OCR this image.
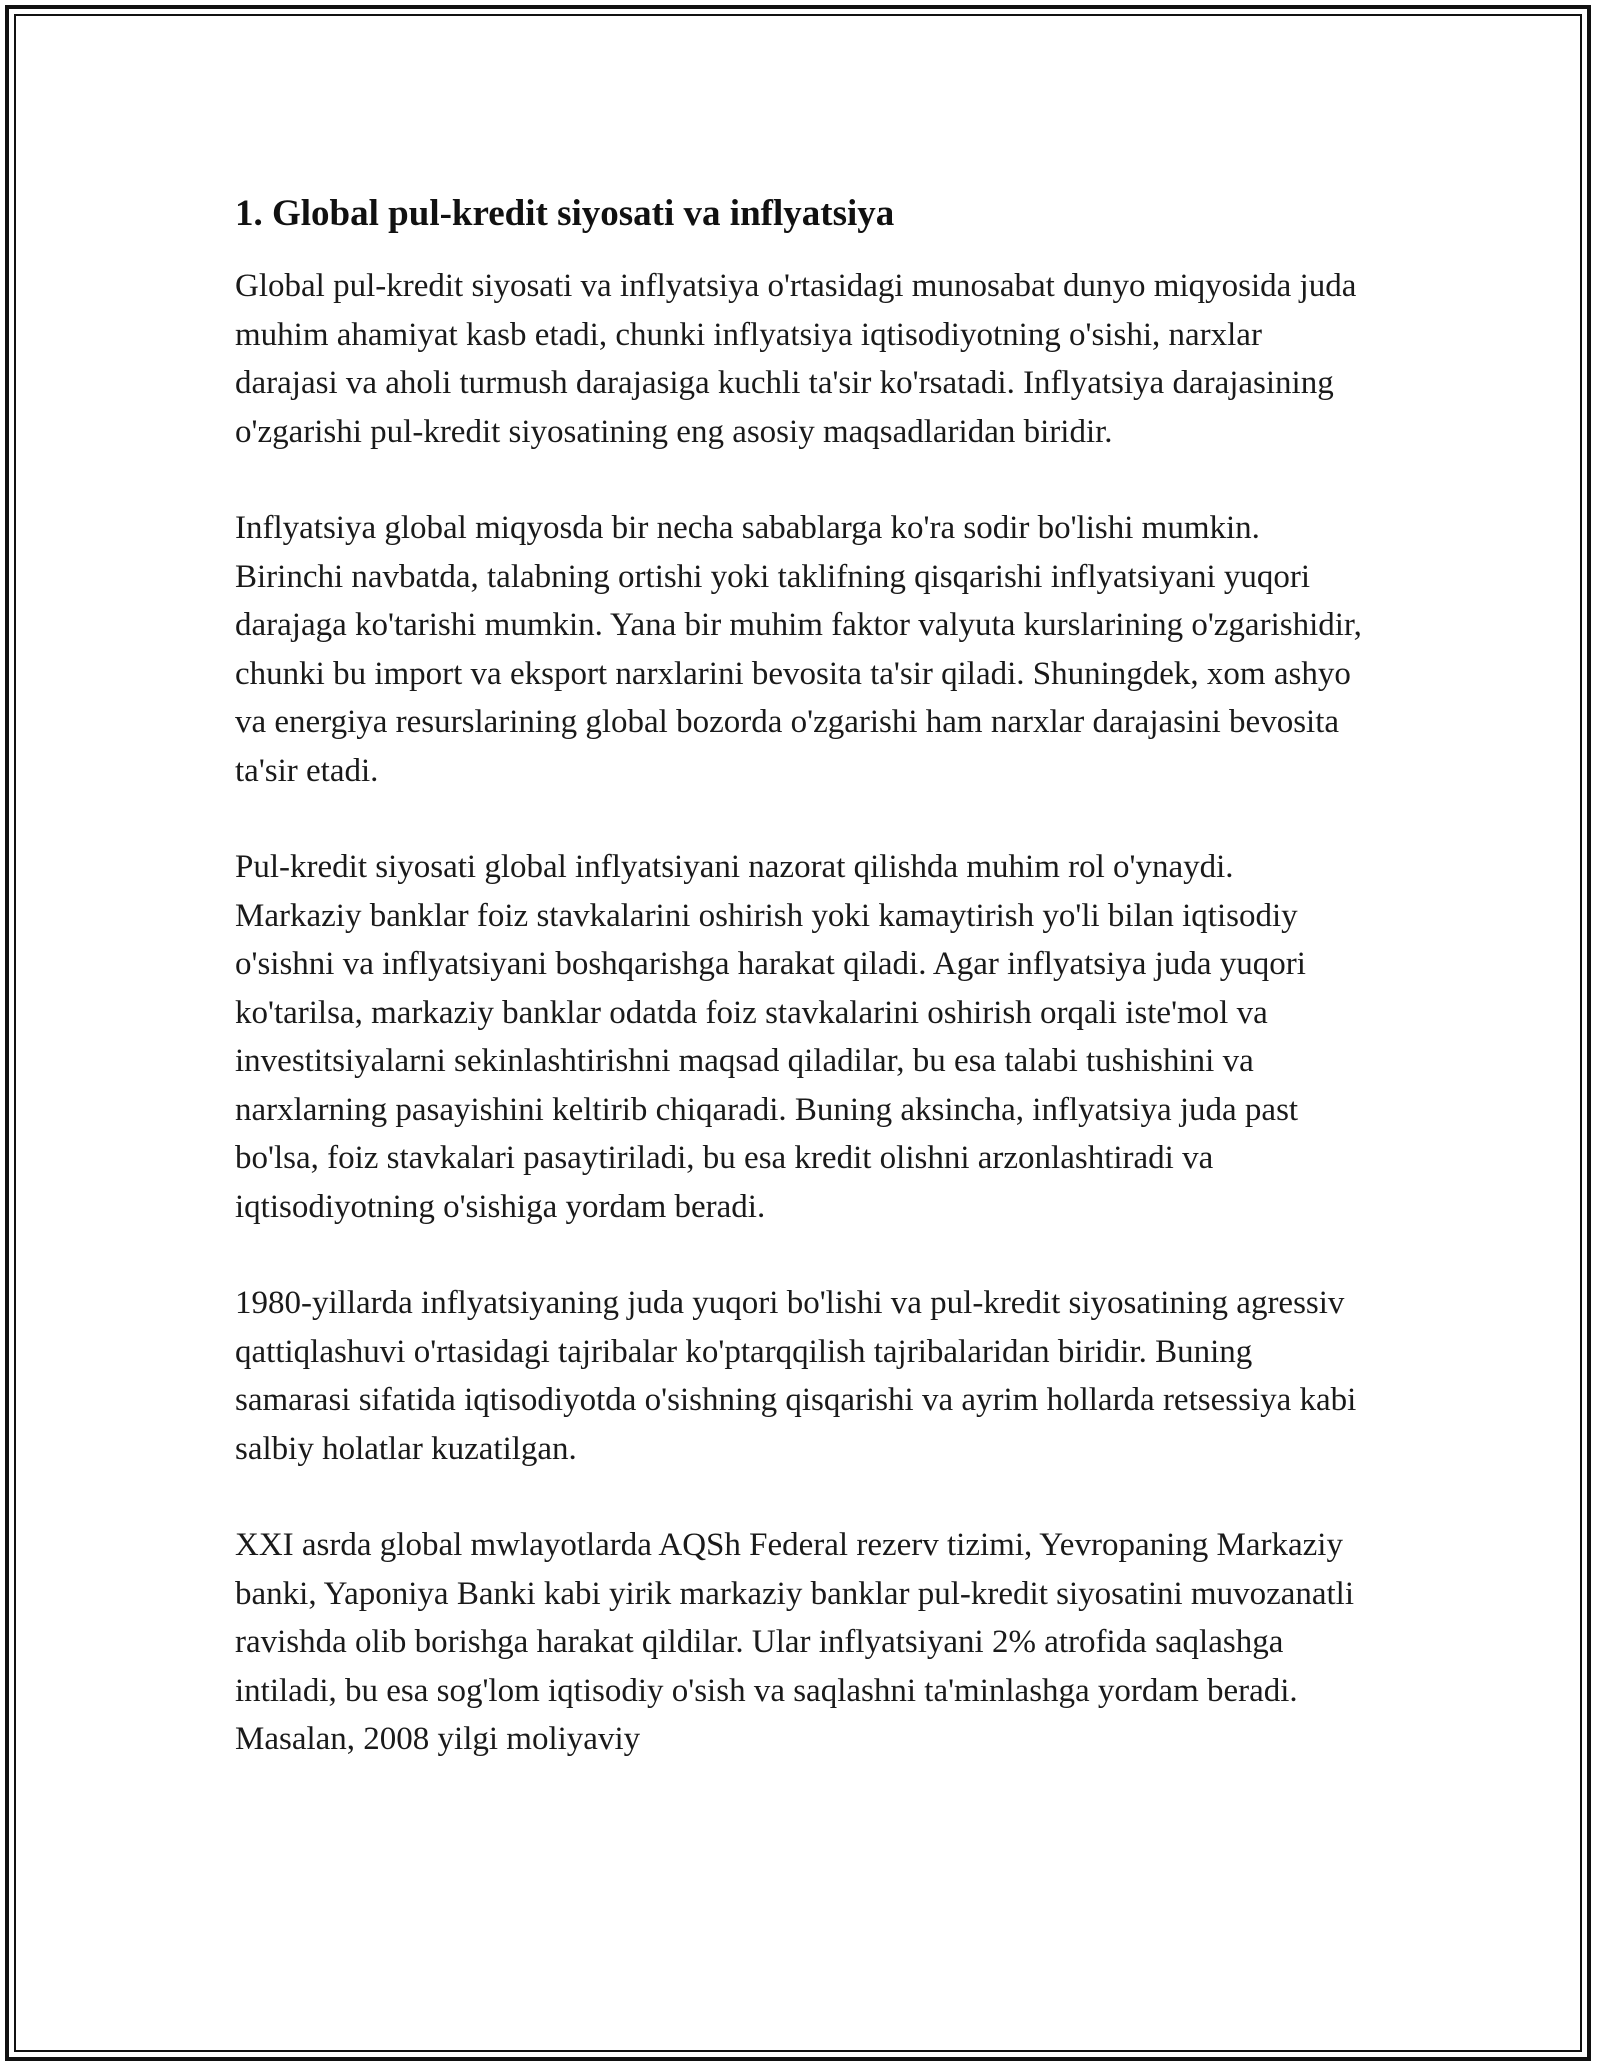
1. Global pul-kredit siyosati va inflyatsiya

Global pul-kredit siyosati va inflyatsiya o'rtasidagi munosabat dunyo miqyosida juda muhim ahamiyat kasb etadi, chunki inflyatsiya iqtisodiyotning o'sishi, narxlar darajasi va aholi turmush darajasiga kuchli ta'sir ko'rsatadi. Inflyatsiya darajasining o'zgarishi pul-kredit siyosatining eng asosiy maqsadlaridan biridir.

Inflyatsiya global miqyosda bir necha sabablarga ko'ra sodir bo'lishi mumkin. Birinchi navbatda, talabning ortishi yoki taklifning qisqarishi inflyatsiyani yuqori darajaga ko'tarishi mumkin. Yana bir muhim faktor valyuta kurslarining o'zgarishidir, chunki bu import va eksport narxlarini bevosita ta'sir qiladi. Shuningdek, xom ashyo va energiya resurslarining global bozorda o'zgarishi ham narxlar darajasini bevosita ta'sir etadi.

Pul-kredit siyosati global inflyatsiyani nazorat qilishda muhim rol o'ynaydi. Markaziy banklar foiz stavkalarini oshirish yoki kamaytirish yo'li bilan iqtisodiy o'sishni va inflyatsiyani boshqarishga harakat qiladi. Agar inflyatsiya juda yuqori ko'tarilsa, markaziy banklar odatda foiz stavkalarini oshirish orqali iste'mol va investitsiyalarni sekinlashtirishni maqsad qiladilar, bu esa talabi tushishini va narxlarning pasayishini keltirib chiqaradi. Buning aksincha, inflyatsiya juda past bo'lsa, foiz stavkalari pasaytiriladi, bu esa kredit olishni arzonlashtiradi va iqtisodiyotning o'sishiga yordam beradi.

1980-yillarda inflyatsiyaning juda yuqori bo'lishi va pul-kredit siyosatining agressiv qattiqlashuvi o'rtasidagi tajribalar ko'ptarqqilish tajribalaridan biridir. Buning samarasi sifatida iqtisodiyotda o'sishning qisqarishi va ayrim hollarda retsessiya kabi salbiy holatlar kuzatilgan.

XXI asrda global mwlayotlarda AQSh Federal rezerv tizimi, Yevropaning Markaziy banki, Yaponiya Banki kabi yirik markaziy banklar pul-kredit siyosatini muvozanatli ravishda olib borishga harakat qildilar. Ular inflyatsiyani 2% atrofida saqlashga intiladi, bu esa sog'lom iqtisodiy o'sish va saqlashni ta'minlashga yordam beradi. Masalan, 2008 yilgi moliyaviy
